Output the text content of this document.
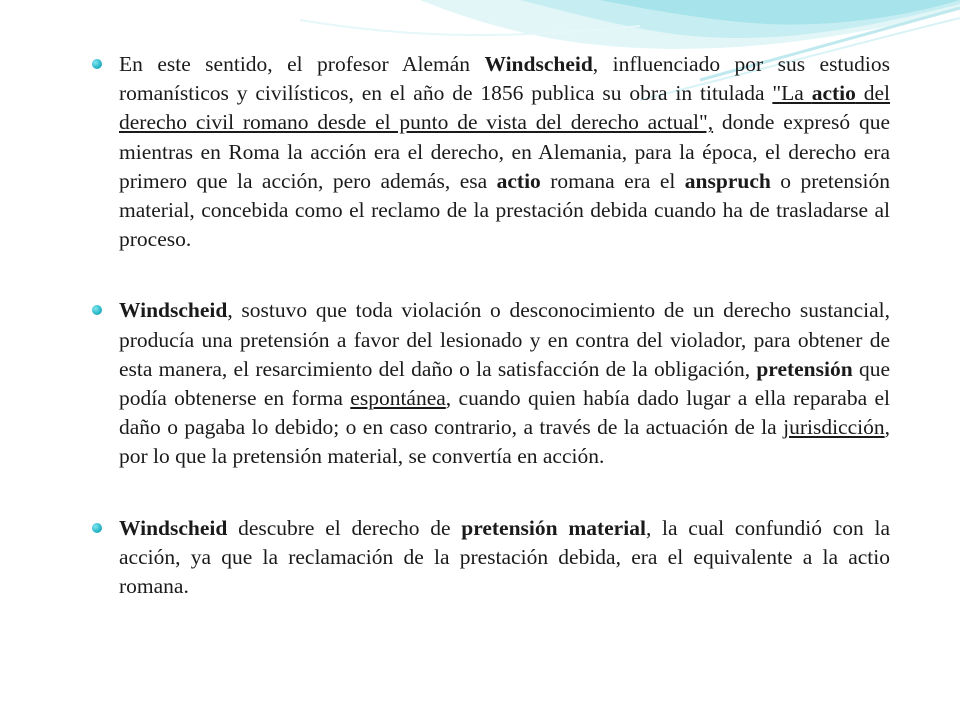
En este sentido, el profesor Alemán Windscheid, influenciado por sus estudios romanísticos y civilísticos, en el año de 1856 publica su obra in titulada "La actio del derecho civil romano desde el punto de vista del derecho actual", donde expresó que mientras en Roma la acción era el derecho, en Alemania, para la época, el derecho era primero que la acción, pero además, esa actio romana era el anspruch o pretensión material, concebida como el reclamo de la prestación debida cuando ha de trasladarse al proceso.

Windscheid, sostuvo que toda violación o desconocimiento de un derecho sustancial, producía una pretensión a favor del lesionado y en contra del violador, para obtener de esta manera, el resarcimiento del daño o la satisfacción de la obligación, pretensión que podía obtenerse en forma espontánea, cuando quien había dado lugar a ella reparaba el daño o pagaba lo debido; o en caso contrario, a través de la actuación de la jurisdicción, por lo que la pretensión material, se convertía en acción.

Windscheid descubre el derecho de pretensión material, la cual confundió con la acción, ya que la reclamación de la prestación debida, era el equivalente a la actio romana.
